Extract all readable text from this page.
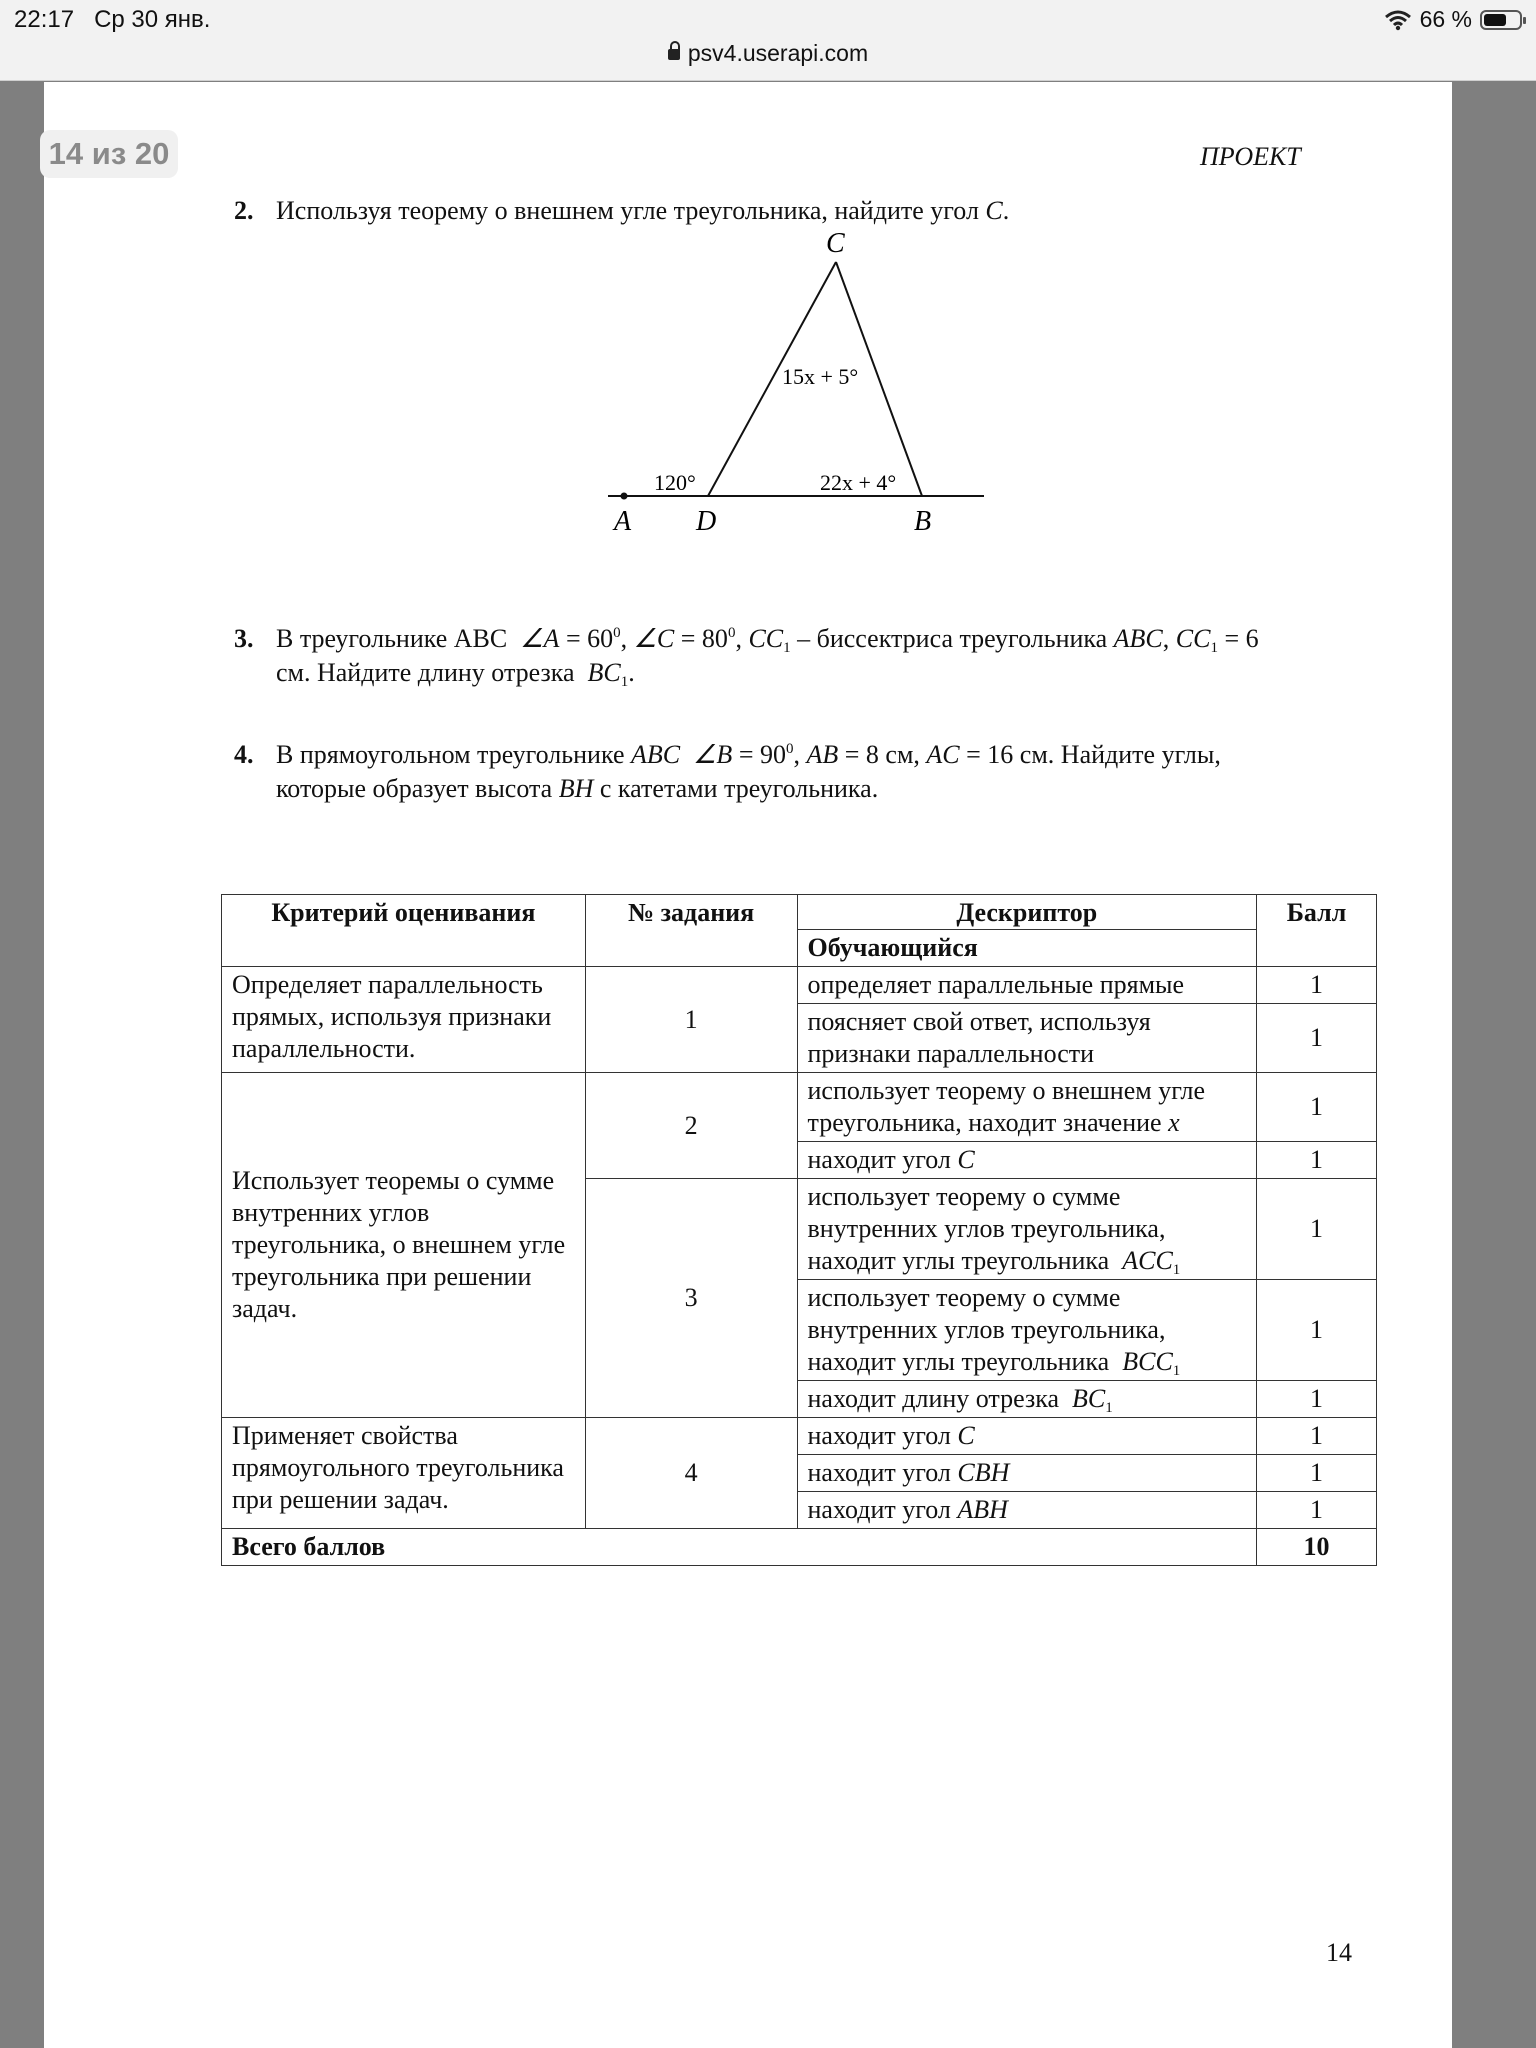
22:17 Ср 30 янв.
psv4.userapi.com
66 %
14 из 20	ПРОЕКТ
2. Используя теорему о внешнем угле треугольника, найдите угол C.
C
A D	B
15x + 5°
120°	22x + 4°
3. В треугольнике ABC ∠A = $60^0$, ∠C = $80^0$, $CC_1$ – биссектриса треугольника ABC, $CC_1 = 6$
см. Найдите длину отрезка $BC_1$.
4. В прямоугольном треугольнике ABC ∠B = $90^0$, AB = 8 см, AC = 16 см. Найдите углы,
которые образует высота BH с катетами треугольника.
Критерий оценивания	№ задания	Дескриптор	Балл
		Обучающийся	
Определяет параллельность прямых, используя признаки параллельности.	1	определяет параллельные прямые	1
		поясняет свой ответ, используя признаки параллельности	1
Использует теоремы о сумме внутренних углов треугольника, о внешнем угле треугольника при решении задач.	2	использует теорему о внешнем угле треугольника, находит значение x	1
		находит угол C	1
	3	использует теорему о сумме внутренних углов треугольника, находит углы треугольника $ACC_1$	1
		использует теорему о сумме внутренних углов треугольника, находит углы треугольника $BCC_1$	1
		находит длину отрезка $BC_1$	1
Применяет свойства прямоугольного треугольника при решении задач.	4	находит угол C	1
		находит угол CBH	1
		находит угол ABH	1
Всего баллов			10
14
